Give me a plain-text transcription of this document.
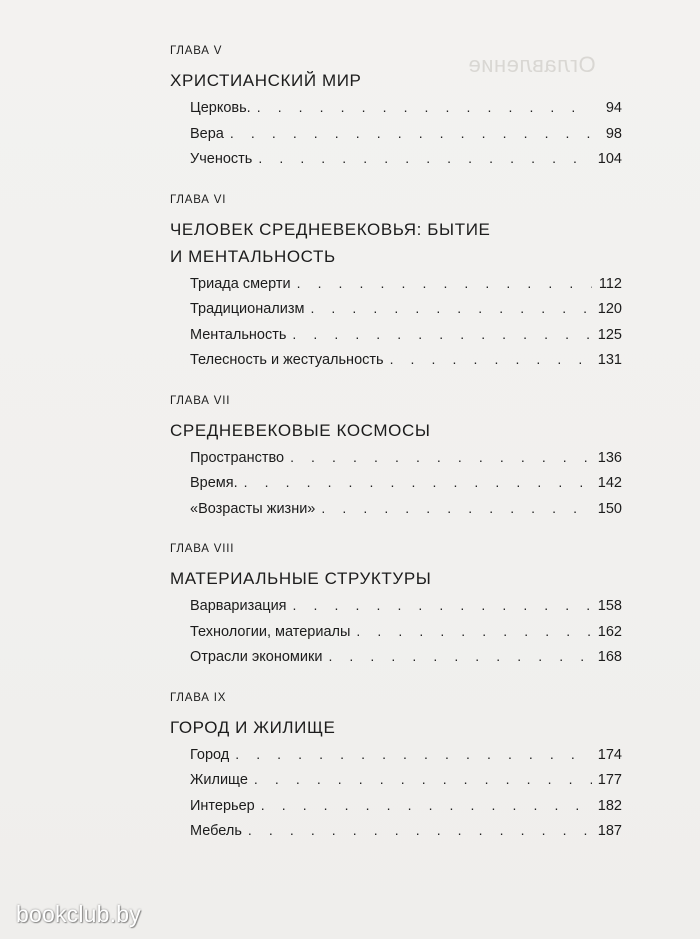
Оглавление
ГЛАВА V
ХРИСТИАНСКИЙ МИР
Церковь. . . .	94
Вера . . .	98
Ученость . . .	104
ГЛАВА VI
ЧЕЛОВЕК СРЕДНЕВЕКОВЬЯ: БЫТИЕ
И МЕНТАЛЬНОСТЬ
Триада смерти . . .	112
Традиционализм . . .	120
Ментальность . . .	125
Телесность и жестуальность . . .	131
ГЛАВА VII
СРЕДНЕВЕКОВЫЕ КОСМОСЫ
Пространство . . .	136
Время. . . .	142
«Возрасты жизни» . . .	150
ГЛАВА VIII
МАТЕРИАЛЬНЫЕ СТРУКТУРЫ
Варваризация . . .	158
Технологии, материалы . . .	162
Отрасли экономики . . .	168
ГЛАВА IX
ГОРОД И ЖИЛИЩЕ
Город . . .	174
Жилище . . .	177
Интерьер . . .	182
Мебель . . .	187
bookclub.by
